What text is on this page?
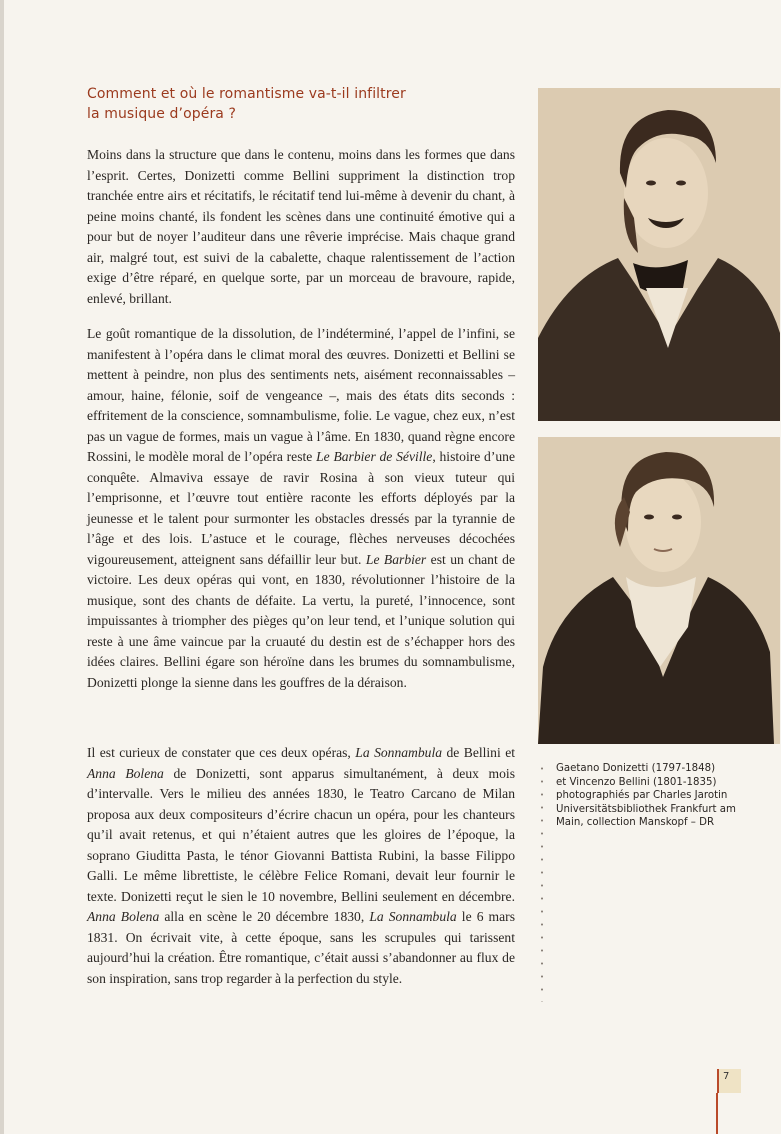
Comment et où le romantisme va-t-il infiltrer
la musique d’opéra ?

Moins dans la structure que dans le contenu, moins dans les formes que dans l’esprit. Certes, Donizetti comme Bellini suppriment la distinction trop tranchée entre airs et récitatifs, le récitatif tend lui-même à devenir du chant, à peine moins chanté, ils fondent les scènes dans une continuité émotive qui a pour but de noyer l’auditeur dans une rêverie imprécise. Mais chaque grand air, malgré tout, est suivi de la cabalette, chaque ralentissement de l’action exige d’être réparé, en quelque sorte, par un morceau de bravoure, rapide, enlevé, brillant.

Le goût romantique de la dissolution, de l’indéterminé, l’appel de l’infini, se manifestent à l’opéra dans le climat moral des œuvres. Donizetti et Bellini se mettent à peindre, non plus des sentiments nets, aisément reconnaissables – amour, haine, félonie, soif de vengeance –, mais des états dits seconds : effritement de la conscience, somnambulisme, folie. Le vague, chez eux, n’est pas un vague de formes, mais un vague à l’âme. En 1830, quand règne encore Rossini, le modèle moral de l’opéra reste Le Barbier de Séville, histoire d’une conquête. Almaviva essaye de ravir Rosina à son vieux tuteur qui l’emprisonne, et l’œuvre tout entière raconte les efforts déployés par la jeunesse et le talent pour surmonter les obstacles dressés par la tyrannie de l’âge et des lois. L’astuce et le courage, flèches nerveuses décochées vigoureusement, atteignent sans défaillir leur but. Le Barbier est un chant de victoire. Les deux opéras qui vont, en 1830, révolutionner l’histoire de la musique, sont des chants de défaite. La vertu, la pureté, l’innocence, sont impuissantes à triompher des pièges qu’on leur tend, et l’unique solution qui reste à une âme vaincue par la cruauté du destin est de s’échapper hors des idées claires. Bellini égare son héroïne dans les brumes du somnambulisme, Donizetti plonge la sienne dans les gouffres de la déraison.

Il est curieux de constater que ces deux opéras, La Sonnambula de Bellini et Anna Bolena de Donizetti, sont apparus simultanément, à deux mois d’intervalle. Vers le milieu des années 1830, le Teatro Carcano de Milan proposa aux deux compositeurs d’écrire chacun un opéra, pour les chanteurs qu’il avait retenus, et qui n’étaient autres que les gloires de l’époque, la soprano Giuditta Pasta, le ténor Giovanni Battista Rubini, la basse Filippo Galli. Le même librettiste, le célèbre Felice Romani, devait leur fournir le texte. Donizetti reçut le sien le 10 novembre, Bellini seulement en décembre. Anna Bolena alla en scène le 20 décembre 1830, La Sonnambula le 6 mars 1831. On écrivait vite, à cette époque, sans les scrupules qui tarissent aujourd’hui la création. Être romantique, c’était aussi s’abandonner au flux de son inspiration, sans trop regarder à la perfection du style.

Gaetano Donizetti (1797-1848)
et Vincenzo Bellini (1801-1835)
photographiés par Charles Jarotin
Universitätsbibliothek Frankfurt am
Main, collection Manskopf – DR
7
